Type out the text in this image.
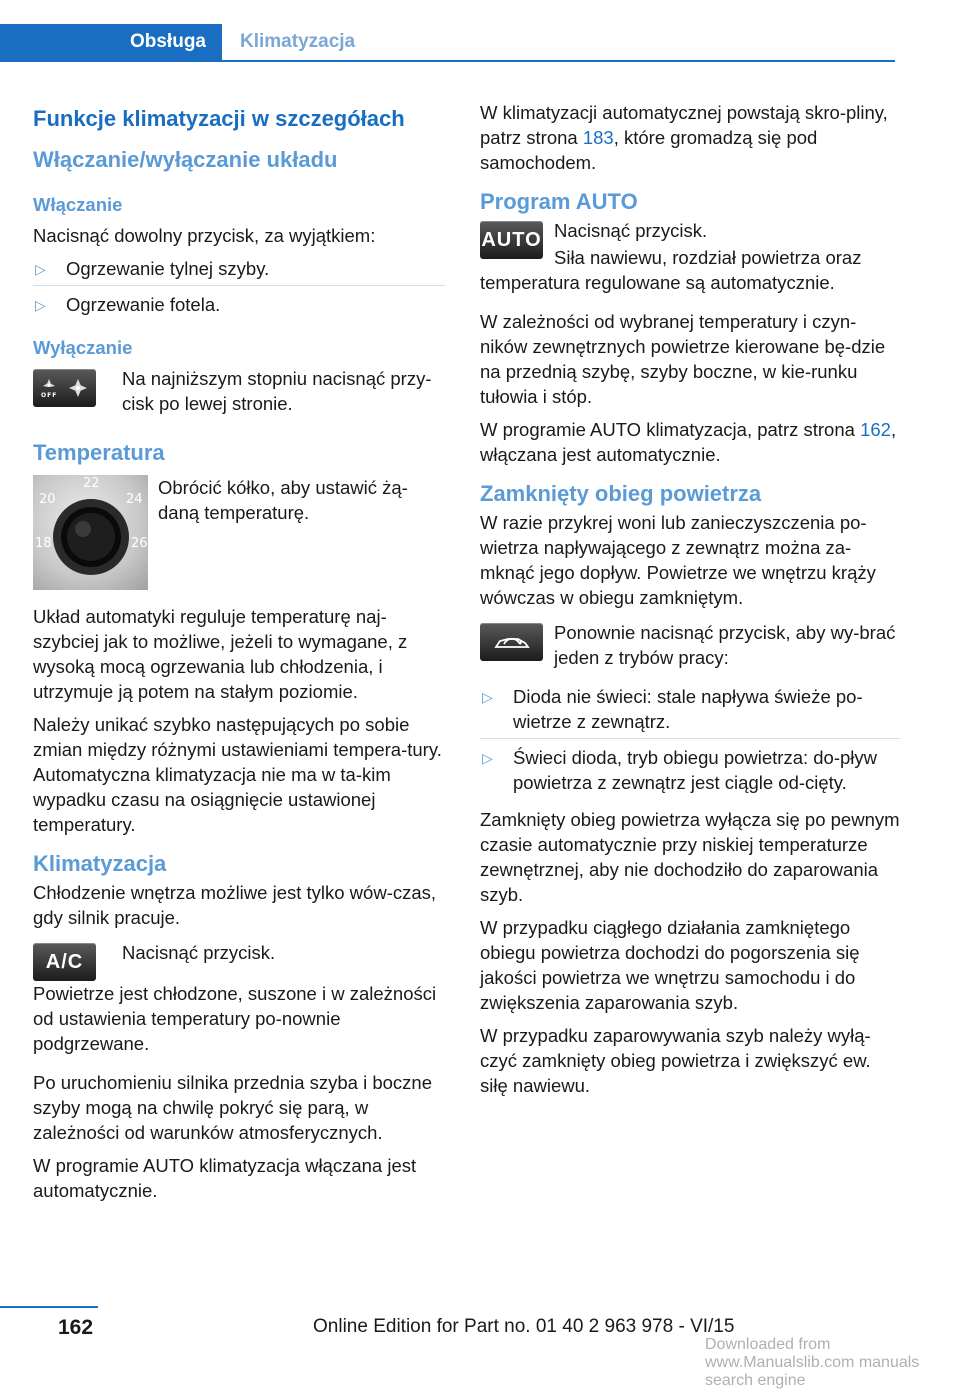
Obsługa	Klimatyzacja
Funkcje klimatyzacji w szczegółach
Włączanie/wyłączanie układu
Włączanie

Nacisnąć dowolny przycisk, za wyjątkiem:

▷ Ogrzewanie tylnej szyby.
▷ Ogrzewanie fotela.
Wyłączanie
OFF
Na najniższym stopniu nacisnąć przy‐cisk po lewej stronie.
Temperatura
22
20	24
18	26
Obrócić kółko, aby ustawić żą‐daną temperaturę.

Układ automatyki reguluje temperaturę naj‐szybciej jak to możliwe, jeżeli to wymagane, z wysoką mocą ogrzewania lub chłodzenia, i utrzymuje ją potem na stałym poziomie.

Należy unikać szybko następujących po sobie zmian między różnymi ustawieniami tempera‐tury. Automatyczna klimatyzacja nie ma w ta‐kim wypadku czasu na osiągnięcie ustawionej temperatury.

Klimatyzacja

Chłodzenie wnętrza możliwe jest tylko wów‐czas, gdy silnik pracuje.

A/C	Nacisnąć przycisk.

Powietrze jest chłodzone, suszone i w zależności od ustawienia temperatury po‐nownie podgrzewane.

Po uruchomieniu silnika przednia szyba i boczne szyby mogą na chwilę pokryć się parą, w zależności od warunków atmosferycznych.

W programie AUTO klimatyzacja włączana jest automatycznie.

W klimatyzacji automatycznej powstają skro‐pliny, patrz strona 183, które gromadzą się pod samochodem.

Program AUTO
AUTO Nacisnąć przycisk.

Siła nawiewu, rozdział powietrza oraz temperatura regulowane są automatycznie.

W zależności od wybranej temperatury i czyn‐ników zewnętrznych powietrze kierowane bę‐dzie na przednią szybę, szyby boczne, w kie‐runku tułowia i stóp.

W programie AUTO klimatyzacja, patrz strona 162, włączana jest automatycznie.

Zamknięty obieg powietrza

W razie przykrej woni lub zanieczyszczenia po‐wietrza napływającego z zewnątrz można za‐mknąć jego dopływ. Powietrze we wnętrzu krąży wówczas w obiegu zamkniętym.

Ponownie nacisnąć przycisk, aby wy‐brać jeden z trybów pracy:
▷ Dioda nie świeci: stale napływa świeże po‐wietrze z zewnątrz.
▷ Świeci dioda, tryb obiegu powietrza: do‐pływ powietrza z zewnątrz jest ciągle od‐cięty.

Zamknięty obieg powietrza wyłącza się po pewnym czasie automatycznie przy niskiej temperaturze zewnętrznej, aby nie dochodziło do zaparowania szyb.

W przypadku ciągłego działania zamkniętego obiegu powietrza dochodzi do pogorszenia się jakości powietrza we wnętrzu samochodu i do zwiększenia zaparowania szyb.

W przypadku zaparowywania szyb należy wyłą‐czyć zamknięty obieg powietrza i zwiększyć ew. siłę nawiewu.

162	Online Edition for Part no. 01 40 2 963 978 - VI/15
Downloaded from www.Manualslib.com manuals search engine
